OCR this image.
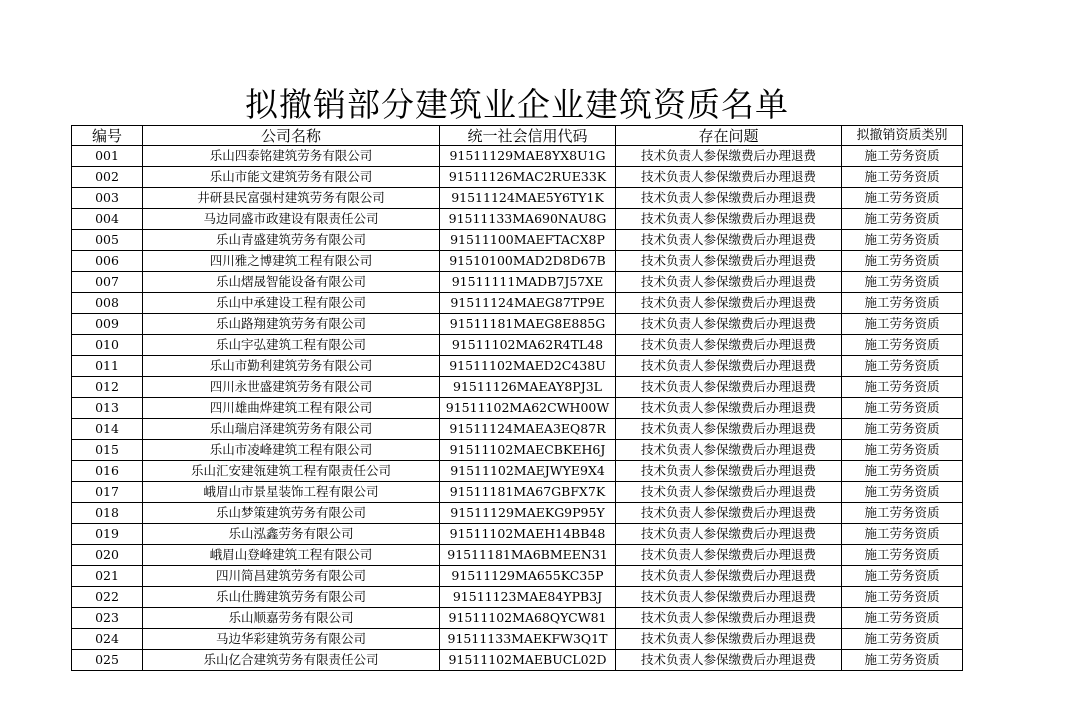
拟撤销部分建筑业企业建筑资质名单
编号	公司名称	统一社会信用代码	存在问题	拟撤销资质类别
001	乐山四泰铭建筑劳务有限公司	91511129MAE8YX8U1G	技术负责人参保缴费后办理退费	施工劳务资质
002	乐山市能文建筑劳务有限公司	91511126MAC2RUE33K	技术负责人参保缴费后办理退费	施工劳务资质
003	井研县民富强村建筑劳务有限公司	91511124MAE5Y6TY1K	技术负责人参保缴费后办理退费	施工劳务资质
004	马边同盛市政建设有限责任公司	91511133MA690NAU8G	技术负责人参保缴费后办理退费	施工劳务资质
005	乐山青盛建筑劳务有限公司	91511100MAEFTACX8P	技术负责人参保缴费后办理退费	施工劳务资质
006	四川雅之博建筑工程有限公司	91510100MAD2D8D67B	技术负责人参保缴费后办理退费	施工劳务资质
007	乐山熠晟智能设备有限公司	91511111MADB7J57XE	技术负责人参保缴费后办理退费	施工劳务资质
008	乐山中承建设工程有限公司	91511124MAEG87TP9E	技术负责人参保缴费后办理退费	施工劳务资质
009	乐山路翔建筑劳务有限公司	91511181MAEG8E885G	技术负责人参保缴费后办理退费	施工劳务资质
010	乐山宇弘建筑工程有限公司	91511102MA62R4TL48	技术负责人参保缴费后办理退费	施工劳务资质
011	乐山市勤利建筑劳务有限公司	91511102MAED2C438U	技术负责人参保缴费后办理退费	施工劳务资质
012	四川永世盛建筑劳务有限公司	91511126MAEAY8PJ3L	技术负责人参保缴费后办理退费	施工劳务资质
013	四川雄曲烨建筑工程有限公司	91511102MA62CWH00W	技术负责人参保缴费后办理退费	施工劳务资质
014	乐山瑞启泽建筑劳务有限公司	91511124MAEA3EQ87R	技术负责人参保缴费后办理退费	施工劳务资质
015	乐山市凌峰建筑工程有限公司	91511102MAECBKEH6J	技术负责人参保缴费后办理退费	施工劳务资质
016	乐山汇安建瓴建筑工程有限责任公司	91511102MAEJWYE9X4	技术负责人参保缴费后办理退费	施工劳务资质
017	峨眉山市景星装饰工程有限公司	91511181MA67GBFX7K	技术负责人参保缴费后办理退费	施工劳务资质
018	乐山梦策建筑劳务有限公司	91511129MAEKG9P95Y	技术负责人参保缴费后办理退费	施工劳务资质
019	乐山泓鑫劳务有限公司	91511102MAEH14BB48	技术负责人参保缴费后办理退费	施工劳务资质
020	峨眉山登峰建筑工程有限公司	91511181MA6BMEEN31	技术负责人参保缴费后办理退费	施工劳务资质
021	四川简昌建筑劳务有限公司	91511129MA655KC35P	技术负责人参保缴费后办理退费	施工劳务资质
022	乐山仕腾建筑劳务有限公司	91511123MAE84YPB3J	技术负责人参保缴费后办理退费	施工劳务资质
023	乐山顺嘉劳务有限公司	91511102MA68QYCW81	技术负责人参保缴费后办理退费	施工劳务资质
024	马边华彩建筑劳务有限公司	91511133MAEKFW3Q1T	技术负责人参保缴费后办理退费	施工劳务资质
025	乐山亿合建筑劳务有限责任公司	91511102MAEBUCL02D	技术负责人参保缴费后办理退费	施工劳务资质
